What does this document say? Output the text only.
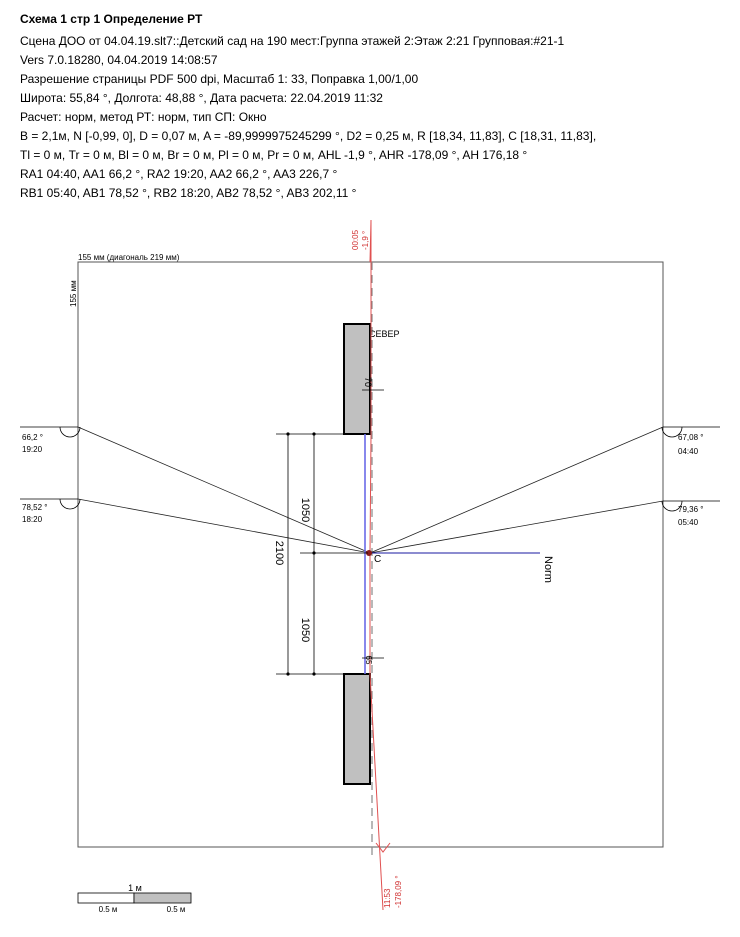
Схема 1 стр 1 Определение РТ
Сцена ДОО от 04.04.19.slt7::Детский сад на 190 мест:Группа этажей 2:Этаж 2:21 Групповая:#21-1
Vers 7.0.18280, 04.04.2019 14:08:57
Разрешение страницы PDF 500 dpi, Масштаб 1: 33, Поправка 1,00/1,00
Широта: 55,84 °, Долгота: 48,88 °, Дата расчета: 22.04.2019 11:32
Расчет: норм, метод РТ: норм, тип СП: Окно
B = 2,1м, N [-0,99, 0], D = 0,07 м, A = -89,9999975245299 °, D2 = 0,25 м, R [18,34, 11,83], C [18,31, 11,83],
Tl = 0 м, Tr = 0 м, Bl = 0 м, Br = 0 м, Pl = 0 м, Pr = 0 м, AHL -1,9 °, AHR -178,09 °, AH 176,18 °
RA1 04:40, AA1 66,2 °, RA2 19:20, AA2 66,2 °, AA3 226,7 °
RB1 05:40, AB1 78,52 °, RB2 18:20, AB2 78,52 °, AB3 202,11 °
155 мм (диагональ 219 мм)
155 мм
СЕВЕР
66,2 °
19:20
78,52 °
18:20
67,08 °
04:40
79,36 °
05:40
Norm
00:05 -1,9 °
11:53 -178,09 °
C
2100
1050
1050
70
65
1 м
0.5 м	0.5 м
